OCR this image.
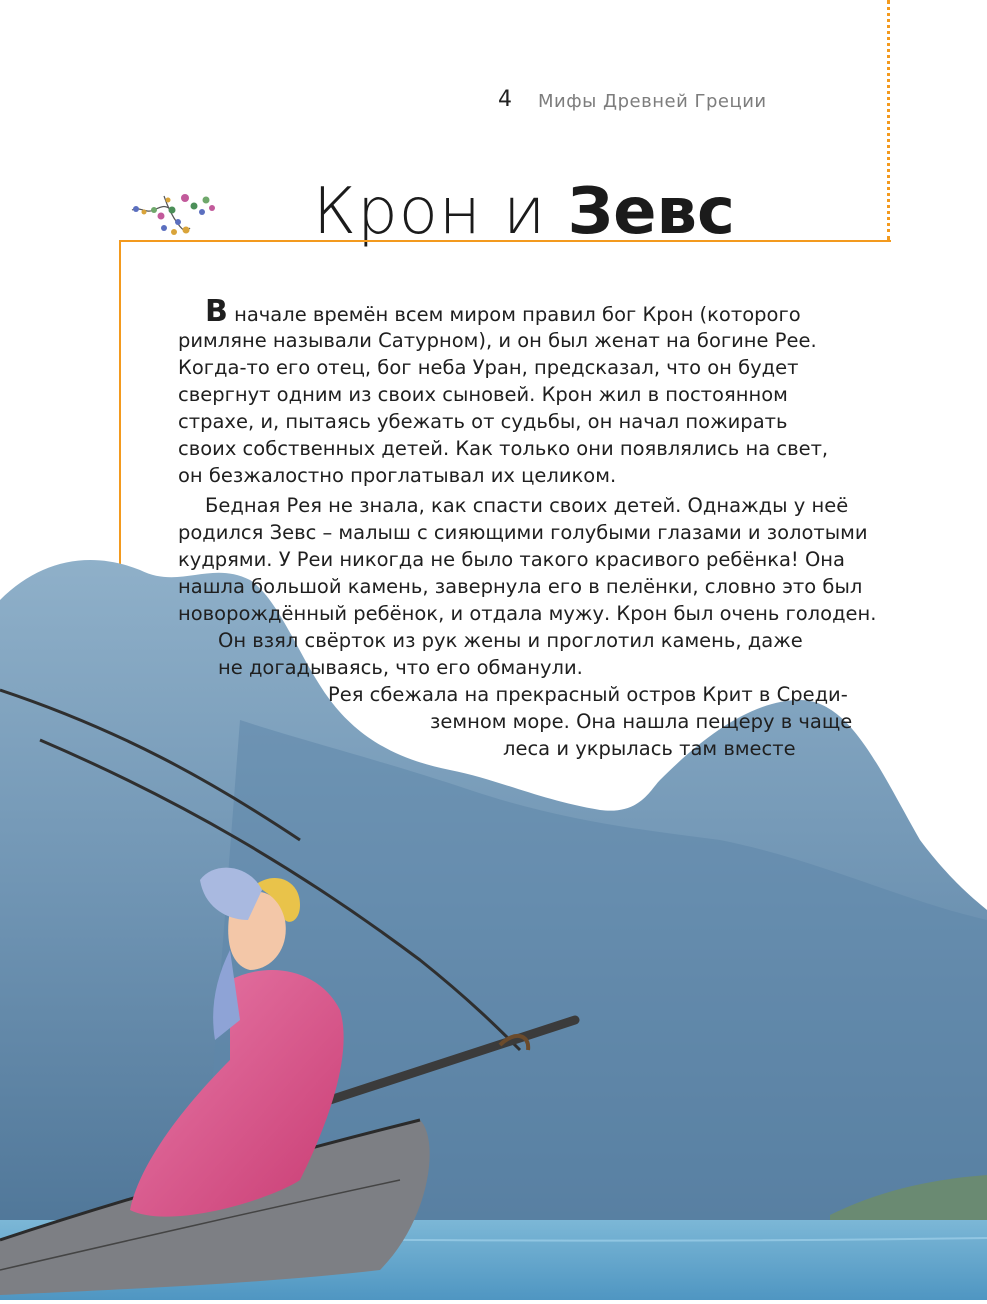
4 Мифы Древней Греции
Крон и Зевс
В начале времён всем миром правил бог Крон (которого
римляне называли Сатурном), и он был женат на богине Рее.
Когда-то его отец, бог неба Уран, предсказал, что он будет
свергнут одним из своих сыновей. Крон жил в постоянном
страхе, и, пытаясь убежать от судьбы, он начал пожирать
своих собственных детей. Как только они появлялись на свет,
он безжалостно проглатывал их целиком.
Бедная Рея не знала, как спасти своих детей. Однажды у неё
родился Зевс – малыш с сияющими голубыми глазами и золотыми
кудрями. У Реи никогда не было такого красивого ребёнка! Она
нашла большой камень, завернула его в пелёнки, словно это был
новорождённый ребёнок, и отдала мужу. Крон был очень голоден.
Он взял свёрток из рук жены и проглотил камень, даже
не догадываясь, что его обманули.
Рея сбежала на прекрасный остров Крит в Среди-
земном море. Она нашла пещеру в чаще
леса и укрылась там вместе
